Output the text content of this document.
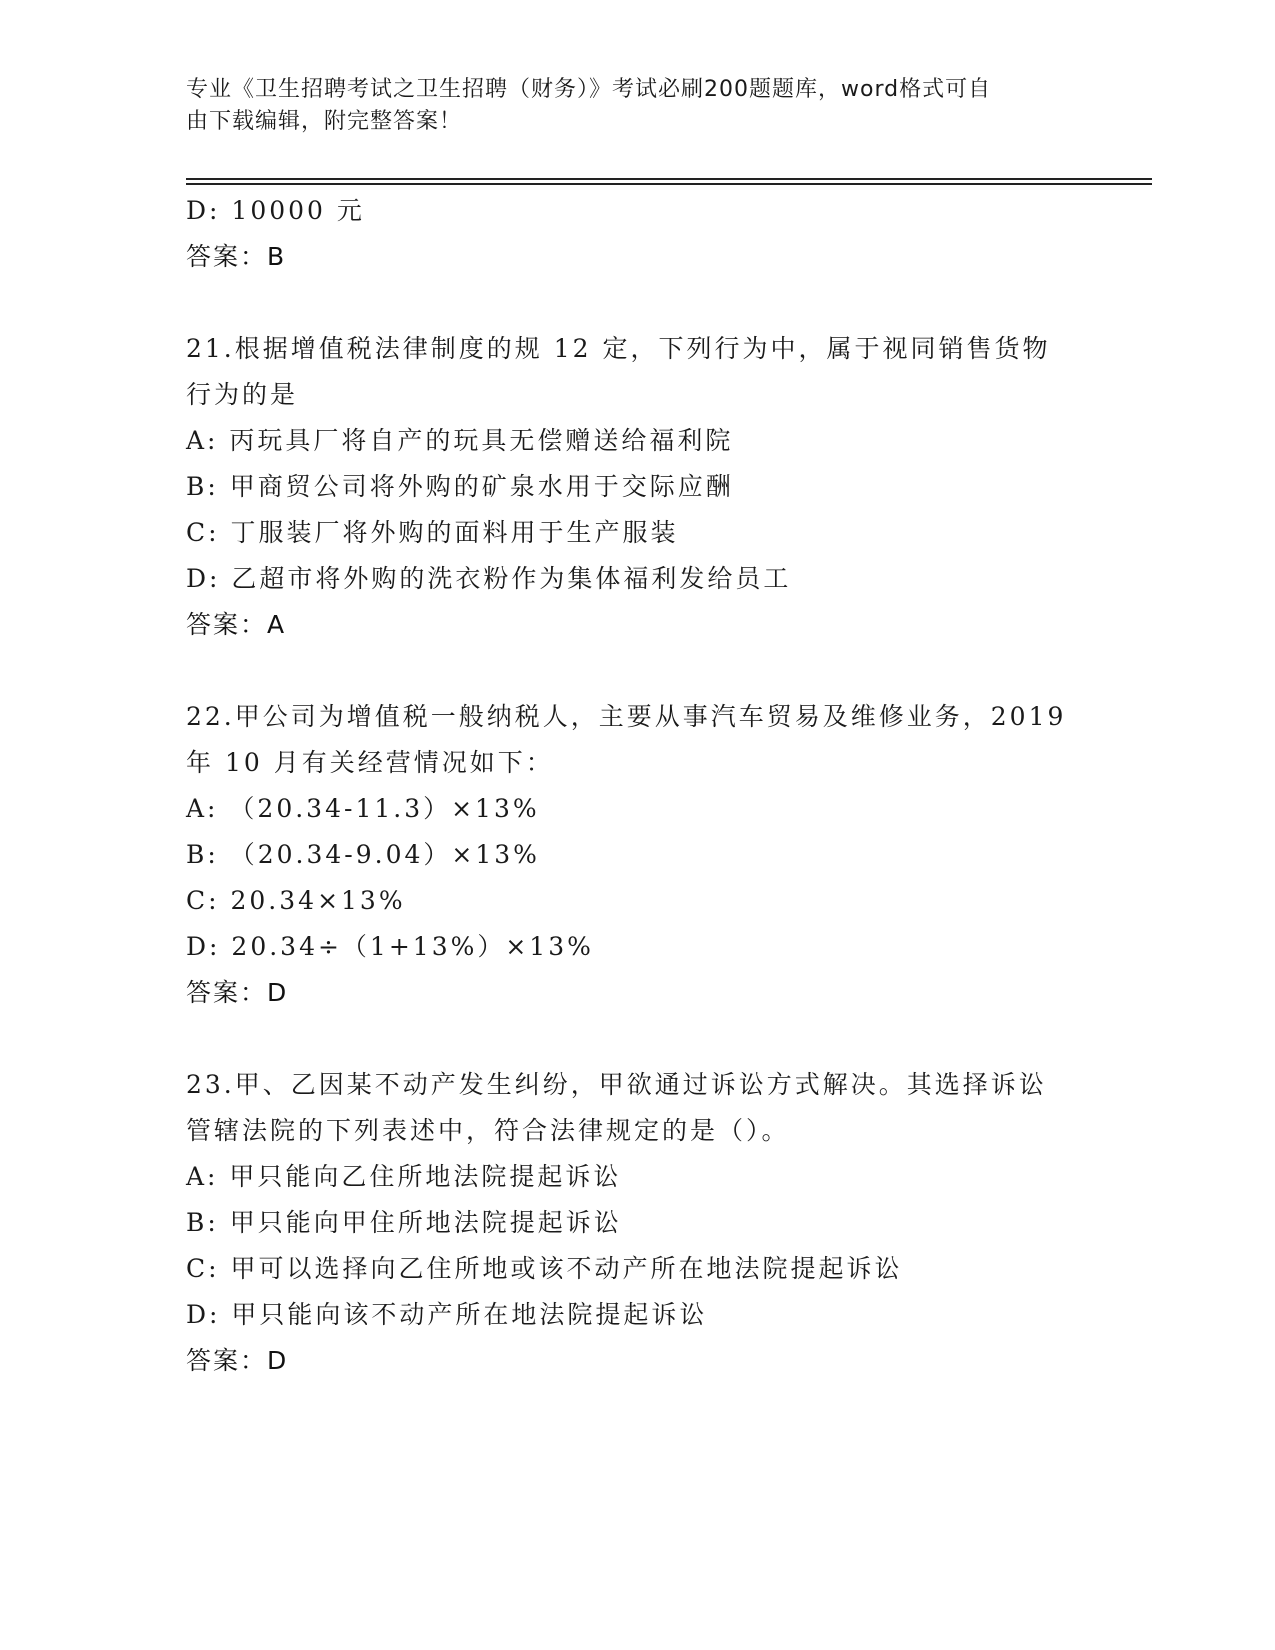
专业《卫生招聘考试之卫生招聘（财务）》考试必刷200题题库，word格式可自
由下载编辑，附完整答案！
D: 10000 元
答案：B
21.根据增值税法律制度的规 12 定，下列行为中，属于视同销售货物
行为的是
A: 丙玩具厂将自产的玩具无偿赠送给福利院
B: 甲商贸公司将外购的矿泉水用于交际应酬
C: 丁服装厂将外购的面料用于生产服装
D: 乙超市将外购的洗衣粉作为集体福利发给员工
答案：A
22.甲公司为增值税一般纳税人，主要从事汽车贸易及维修业务，2019
年 10 月有关经营情况如下：
A: （20.34-11.3）×13%
B: （20.34-9.04）×13%
C: 20.34×13%
D: 20.34÷（1+13%）×13%
答案：D
23.甲、乙因某不动产发生纠纷，甲欲通过诉讼方式解决。其选择诉讼
管辖法院的下列表述中，符合法律规定的是（）。
A: 甲只能向乙住所地法院提起诉讼
B: 甲只能向甲住所地法院提起诉讼
C: 甲可以选择向乙住所地或该不动产所在地法院提起诉讼
D: 甲只能向该不动产所在地法院提起诉讼
答案：D
